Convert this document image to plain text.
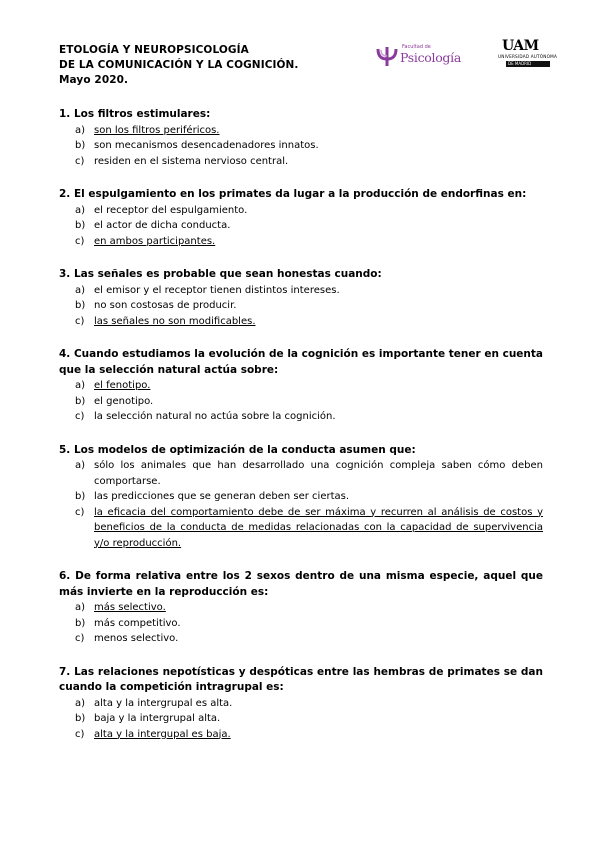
ETOLOGÍA Y NEUROPSICOLOGÍA
DE LA COMUNICACIÓN Y LA COGNICIÓN.
Mayo 2020.
Facultad de
Psicología
UAM
UNIVERSIDAD AUTÓNOMA
DE MADRID
1. Los filtros estimulares:
a) son los filtros periféricos.
b) son mecanismos desencadenadores innatos.
c) residen en el sistema nervioso central.
2. El espulgamiento en los primates da lugar a la producción de endorfinas en:
a) el receptor del espulgamiento.
b) el actor de dicha conducta.
c) en ambos participantes.
3. Las señales es probable que sean honestas cuando:
a) el emisor y el receptor tienen distintos intereses.
b) no son costosas de producir.
c) las señales no son modificables.
4. Cuando estudiamos la evolución de la cognición es importante tener en cuenta que la selección natural actúa sobre:
a) el fenotipo.
b) el genotipo.
c) la selección natural no actúa sobre la cognición.
5. Los modelos de optimización de la conducta asumen que:
a) sólo los animales que han desarrollado una cognición compleja saben cómo deben comportarse.
b) las predicciones que se generan deben ser ciertas.
c) la eficacia del comportamiento debe de ser máxima y recurren al análisis de costos y beneficios de la conducta de medidas relacionadas con la capacidad de supervivencia y/o reproducción.
6. De forma relativa entre los 2 sexos dentro de una misma especie, aquel que más invierte en la reproducción es:
a) más selectivo.
b) más competitivo.
c) menos selectivo.
7. Las relaciones nepotísticas y despóticas entre las hembras de primates se dan cuando la competición intragrupal es:
a) alta y la intergrupal es alta.
b) baja y la intergrupal alta.
c) alta y la intergupal es baja.
